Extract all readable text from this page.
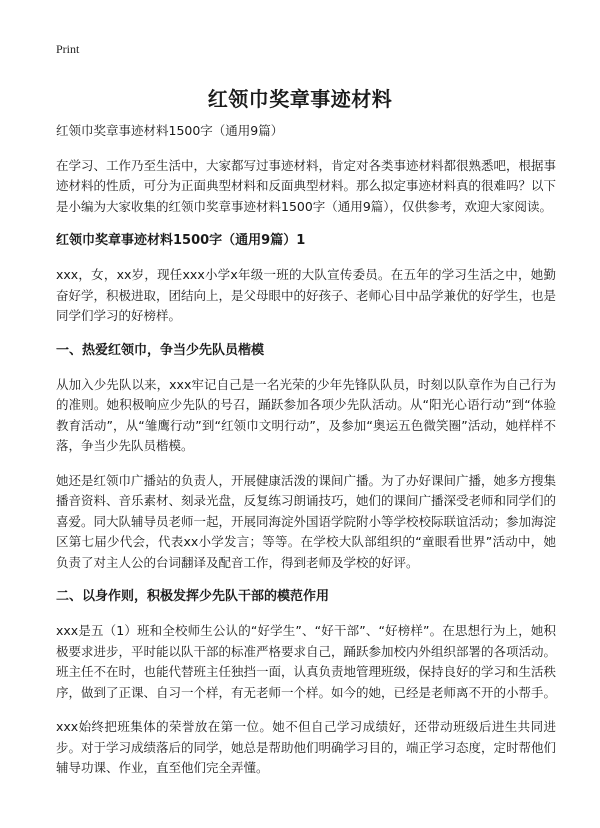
Print
红领巾奖章事迹材料

红领巾奖章事迹材料1500字（通用9篇）

在学习、工作乃至生活中，大家都写过事迹材料，肯定对各类事迹材料都很熟悉吧，根据事迹材料的性质，可分为正面典型材料和反面典型材料。那么拟定事迹材料真的很难吗？以下是小编为大家收集的红领巾奖章事迹材料1500字（通用9篇），仅供参考，欢迎大家阅读。

红领巾奖章事迹材料1500字（通用9篇）1

xxx，女，xx岁，现任xxx小学x年级一班的大队宣传委员。在五年的学习生活之中，她勤奋好学，积极进取，团结向上，是父母眼中的好孩子、老师心目中品学兼优的好学生，也是同学们学习的好榜样。

一、热爱红领巾，争当少先队员楷模

从加入少先队以来，xxx牢记自己是一名光荣的少年先锋队队员，时刻以队章作为自己行为的准则。她积极响应少先队的号召，踊跃参加各项少先队活动。从“阳光心语行动”到“体验教育活动”，从“雏鹰行动”到“红领巾文明行动”，及参加“奥运五色微笑圈”活动，她样样不落，争当少先队员楷模。

她还是红领巾广播站的负责人，开展健康活泼的课间广播。为了办好课间广播，她多方搜集播音资料、音乐素材、刻录光盘，反复练习朗诵技巧，她们的课间广播深受老师和同学们的喜爱。同大队辅导员老师一起，开展同海淀外国语学院附小等学校校际联谊活动；参加海淀区第七届少代会，代表xx小学发言；等等。在学校大队部组织的“童眼看世界”活动中，她负责了对主人公的台词翻译及配音工作，得到老师及学校的好评。

二、以身作则，积极发挥少先队干部的模范作用

xxx是五（1）班和全校师生公认的“好学生”、“好干部”、“好榜样”。在思想行为上，她积极要求进步，平时能以队干部的标准严格要求自己，踊跃参加校内外组织部署的各项活动。班主任不在时，也能代替班主任独挡一面，认真负责地管理班级，保持良好的学习和生活秩序，做到了正课、自习一个样，有无老师一个样。如今的她，已经是老师离不开的小帮手。

xxx始终把班集体的荣誉放在第一位。她不但自己学习成绩好，还带动班级后进生共同进步。对于学习成绩落后的同学，她总是帮助他们明确学习目的，端正学习态度，定时帮他们辅导功课、作业，直至他们完全弄懂。
